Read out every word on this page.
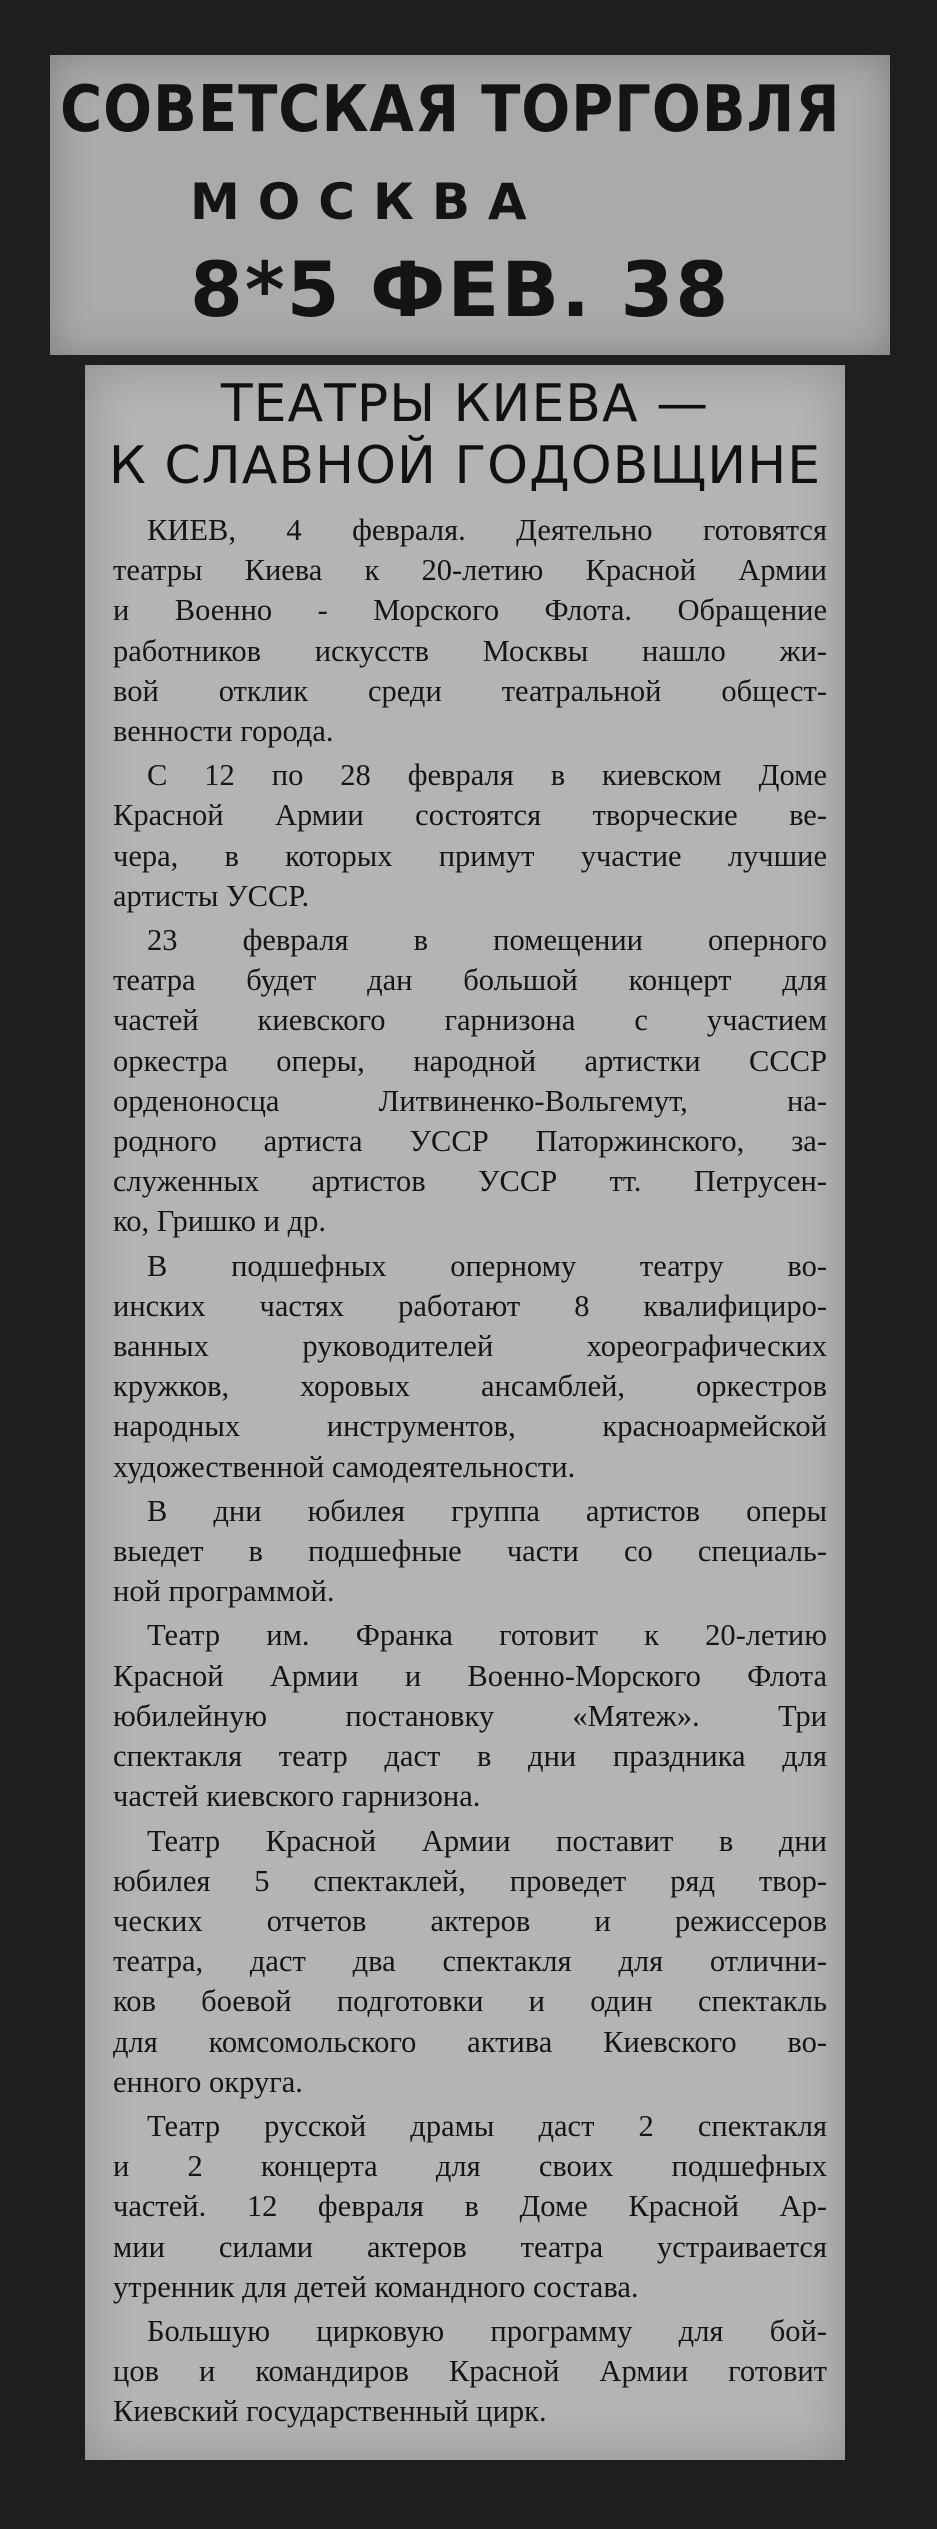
СОВЕТСКАЯ ТОРГОВЛЯ
МОСКВА
8*5 ФЕВ. 38
ТЕАТРЫ КИЕВА —
К СЛАВНОЙ ГОДОВЩИНЕ
КИЕВ, 4 февраля. Деятельно готовятся
театры Киева к 20-летию Красной Армии
и Военно - Морского Флота. Обращение
работников искусств Москвы нашло жи-
вой отклик среди театральной общест-
венности города.
С 12 по 28 февраля в киевском Доме
Красной Армии состоятся творческие ве-
чера, в которых примут участие лучшие
артисты УССР.
23 февраля в помещении оперного
театра будет дан большой концерт для
частей киевского гарнизона с участием
оркестра оперы, народной артистки СССР
орденоносца Литвиненко-Вольгемут, на-
родного артиста УССР Паторжинского, за-
служенных артистов УССР тт. Петрусен-
ко, Гришко и др.
В подшефных оперному театру во-
инских частях работают 8 квалифициро-
ванных руководителей хореографических
кружков, хоровых ансамблей, оркестров
народных инструментов, красноармейской
художественной самодеятельности.
В дни юбилея группа артистов оперы
выедет в подшефные части со специаль-
ной программой.
Театр им. Франка готовит к 20-летию
Красной Армии и Военно-Морского Флота
юбилейную постановку «Мятеж». Три
спектакля театр даст в дни праздника для
частей киевского гарнизона.
Театр Красной Армии поставит в дни
юбилея 5 спектаклей, проведет ряд твор-
ческих отчетов актеров и режиссеров
театра, даст два спектакля для отлични-
ков боевой подготовки и один спектакль
для комсомольского актива Киевского во-
енного округа.
Театр русской драмы даст 2 спектакля
и 2 концерта для своих подшефных
частей. 12 февраля в Доме Красной Ар-
мии силами актеров театра устраивается
утренник для детей командного состава.
Большую цирковую программу для бой-
цов и командиров Красной Армии готовит
Киевский государственный цирк.
